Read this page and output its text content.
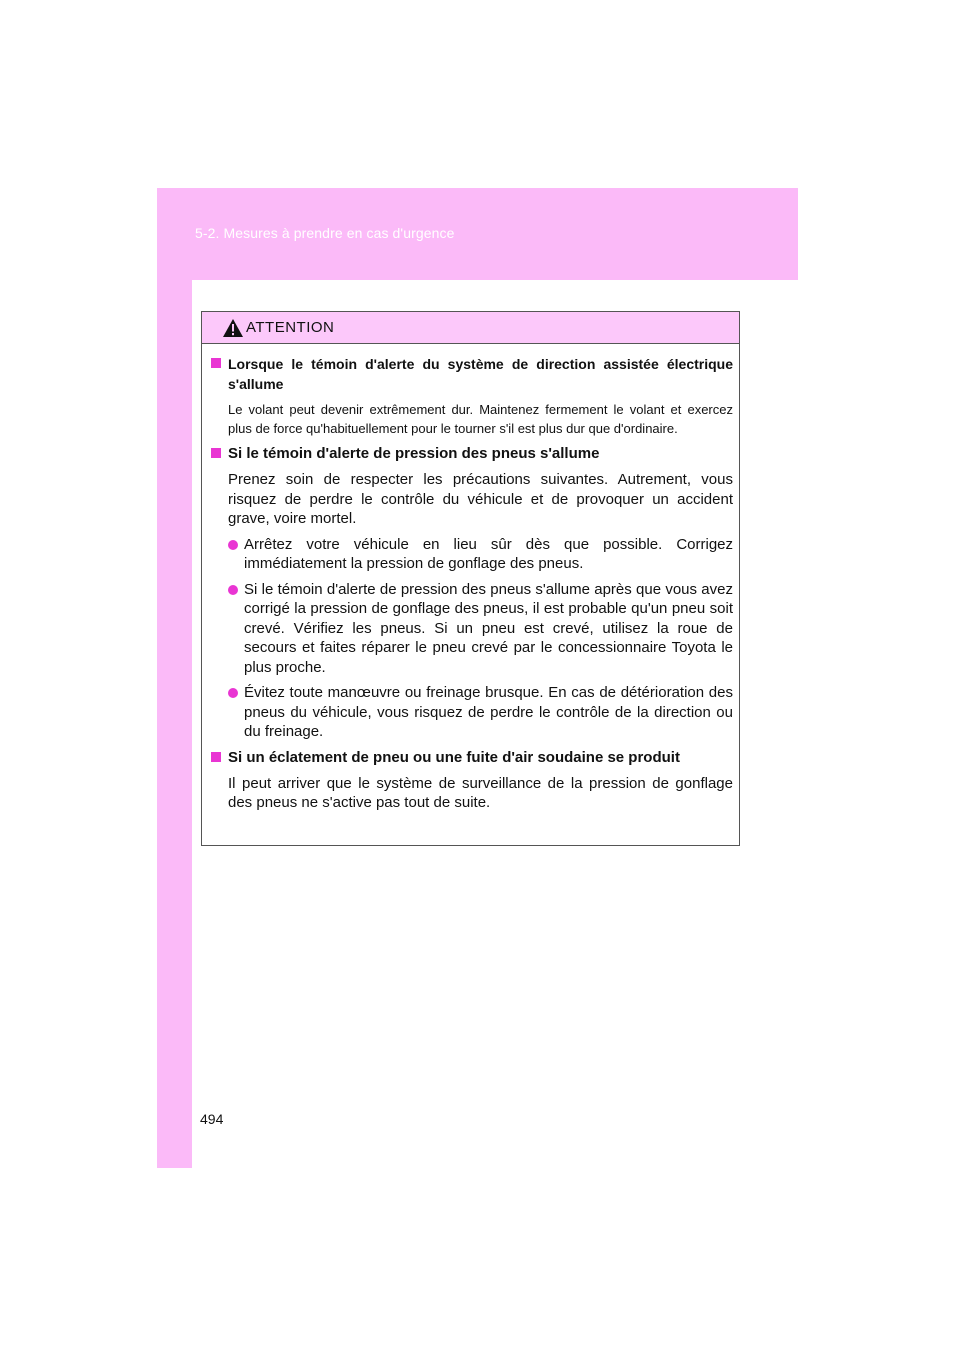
5-2. Mesures à prendre en cas d'urgence
ATTENTION
Lorsque le témoin d'alerte du système de direction assistée électrique s'allume
Le volant peut devenir extrêmement dur. Maintenez fermement le volant et exercez plus de force qu'habituellement pour le tourner s'il est plus dur que d'ordinaire.
Si le témoin d'alerte de pression des pneus s'allume
Prenez soin de respecter les précautions suivantes. Autrement, vous risquez de perdre le contrôle du véhicule et de provoquer un accident grave, voire mortel.
Arrêtez votre véhicule en lieu sûr dès que possible. Corrigez immédiatement la pression de gonflage des pneus.
Si le témoin d'alerte de pression des pneus s'allume après que vous avez corrigé la pression de gonflage des pneus, il est probable qu'un pneu soit crevé. Vérifiez les pneus. Si un pneu est crevé, utilisez la roue de secours et faites réparer le pneu crevé par le concessionnaire Toyota le plus proche.
Évitez toute manœuvre ou freinage brusque. En cas de détérioration des pneus du véhicule, vous risquez de perdre le contrôle de la direction ou du freinage.
Si un éclatement de pneu ou une fuite d'air soudaine se produit
Il peut arriver que le système de surveillance de la pression de gonflage des pneus ne s'active pas tout de suite.
494
